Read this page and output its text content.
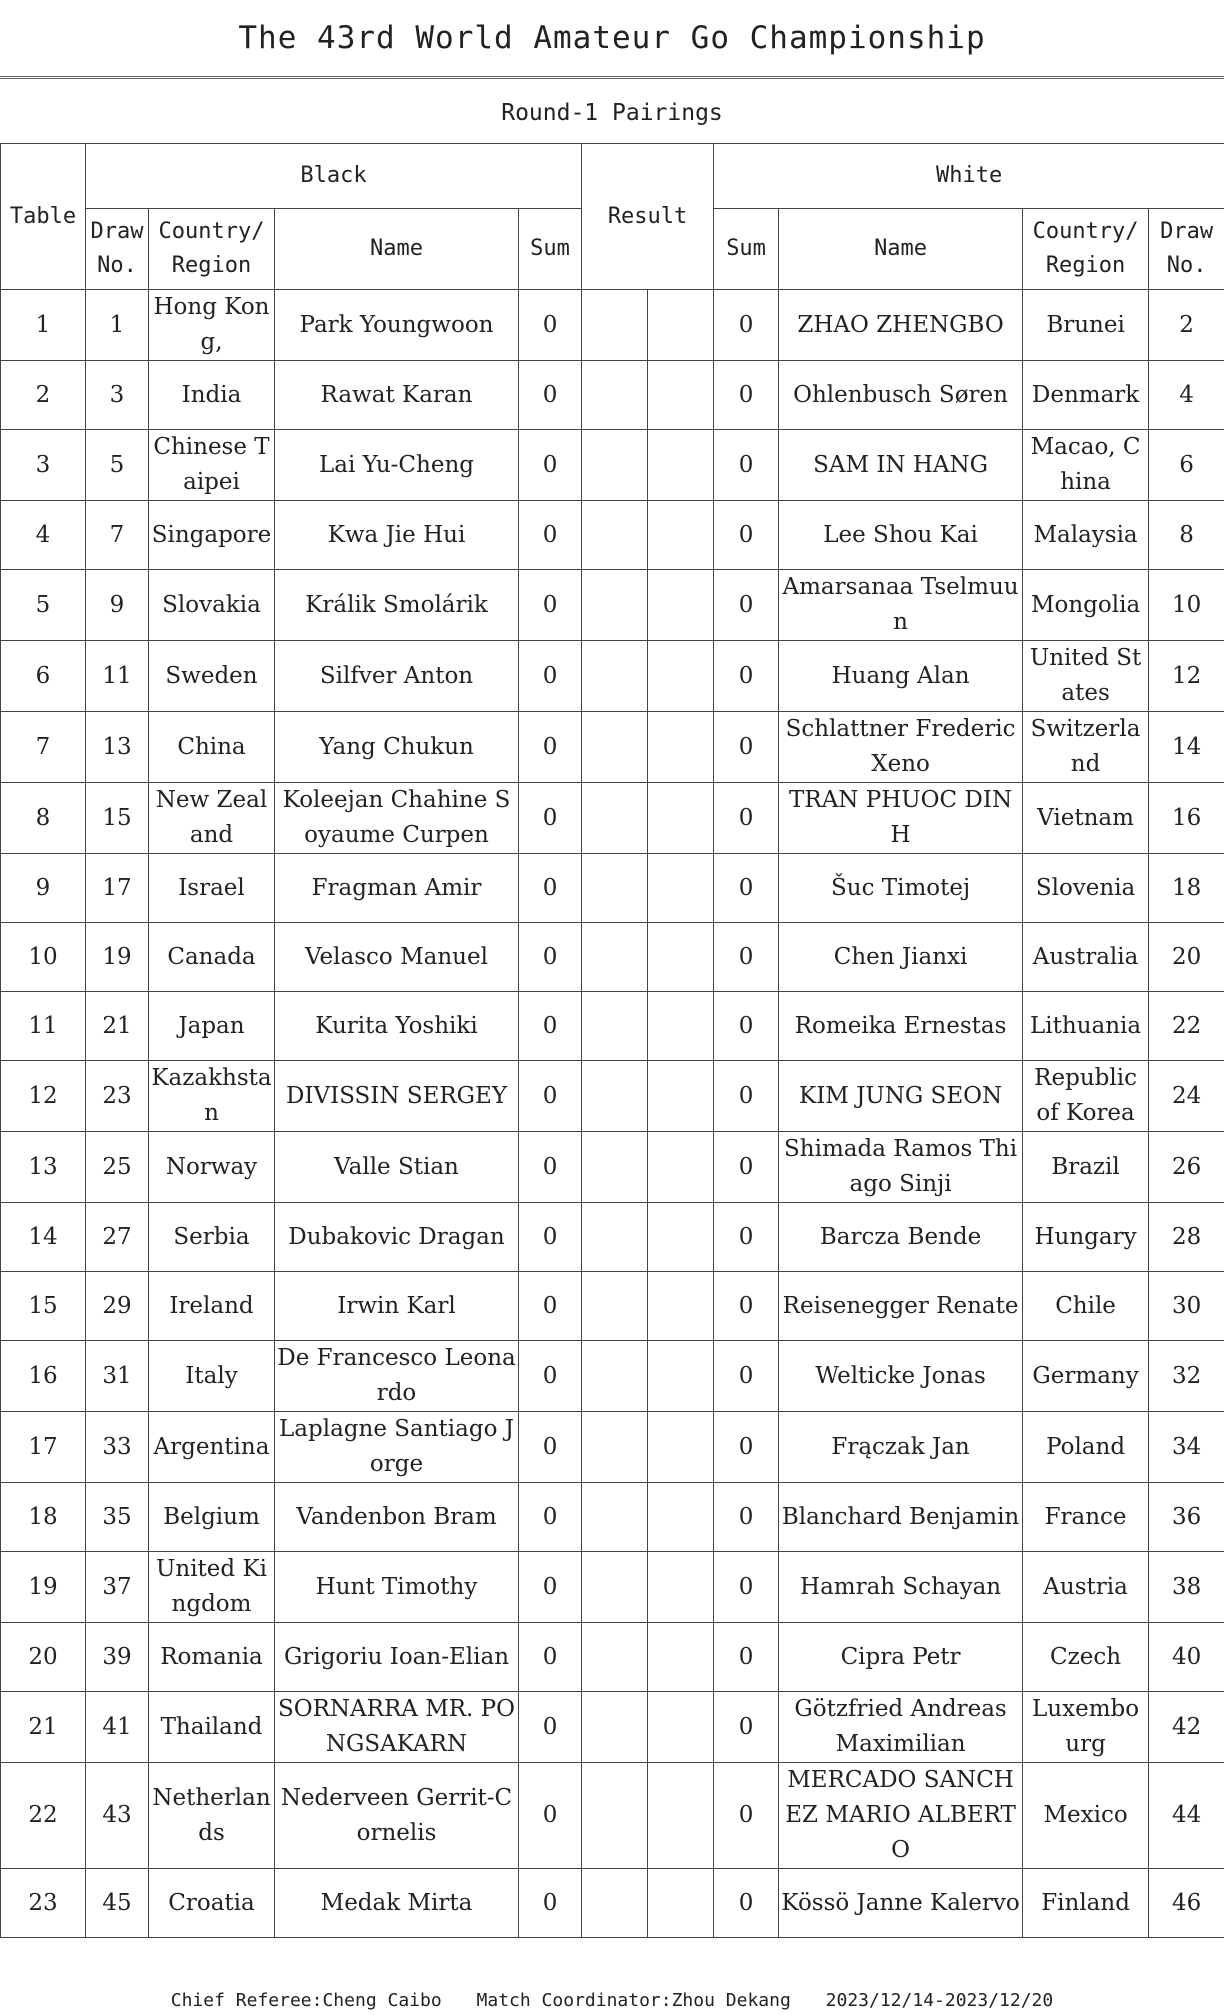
The 43rd World Amateur Go Championship
Round-1 Pairings
Table	Black				Result		White			
	Draw No.	Country/ Region	Name	Sum			Sum	Name	Country/ Region	Draw No.
1	1	Hong Kong,	Park Youngwoon	0			0	ZHAO ZHENGBO	Brunei	2
2	3	India	Rawat Karan	0			0	Ohlenbusch Søren	Denmark	4
3	5	Chinese Taipei	Lai Yu-Cheng	0			0	SAM IN HANG	Macao, China	6
4	7	Singapore	Kwa Jie Hui	0			0	Lee Shou Kai	Malaysia	8
5	9	Slovakia	Králik Smolárik	0			0	Amarsanaa Tselmuun	Mongolia	10
6	11	Sweden	Silfver Anton	0			0	Huang Alan	United States	12
7	13	China	Yang Chukun	0			0	Schlattner Frederic Xeno	Switzerland	14
8	15	New Zealand	Koleejan Chahine Soyaume Curpen	0			0	TRAN PHUOC DINH	Vietnam	16
9	17	Israel	Fragman Amir	0			0	Šuc Timotej	Slovenia	18
10	19	Canada	Velasco Manuel	0			0	Chen Jianxi	Australia	20
11	21	Japan	Kurita Yoshiki	0			0	Romeika Ernestas	Lithuania	22
12	23	Kazakhstan	DIVISSIN SERGEY	0			0	KIM JUNG SEON	Republic of Korea	24
13	25	Norway	Valle Stian	0			0	Shimada Ramos Thiago Sinji	Brazil	26
14	27	Serbia	Dubakovic Dragan	0			0	Barcza Bende	Hungary	28
15	29	Ireland	Irwin Karl	0			0	Reisenegger Renate	Chile	30
16	31	Italy	De Francesco Leonardo	0			0	Welticke Jonas	Germany	32
17	33	Argentina	Laplagne Santiago Jorge	0			0	Frączak Jan	Poland	34
18	35	Belgium	Vandenbon Bram	0			0	Blanchard Benjamin	France	36
19	37	United Kingdom	Hunt Timothy	0			0	Hamrah Schayan	Austria	38
20	39	Romania	Grigoriu Ioan-Elian	0			0	Cipra Petr	Czech	40
21	41	Thailand	SORNARRA MR. PONGSAKARN	0			0	Götzfried Andreas Maximilian	Luxembourg	42
22	43	Netherlands	Nederveen Gerrit-Cornelis	0			0	MERCADO SANCHEZ MARIO ALBERTO	Mexico	44
23	45	Croatia	Medak Mirta	0			0	Kössö Janne Kalervo	Finland	46
Chief Referee:Cheng Caibo Match Coordinator:Zhou Dekang 2023/12/14-2023/12/20
